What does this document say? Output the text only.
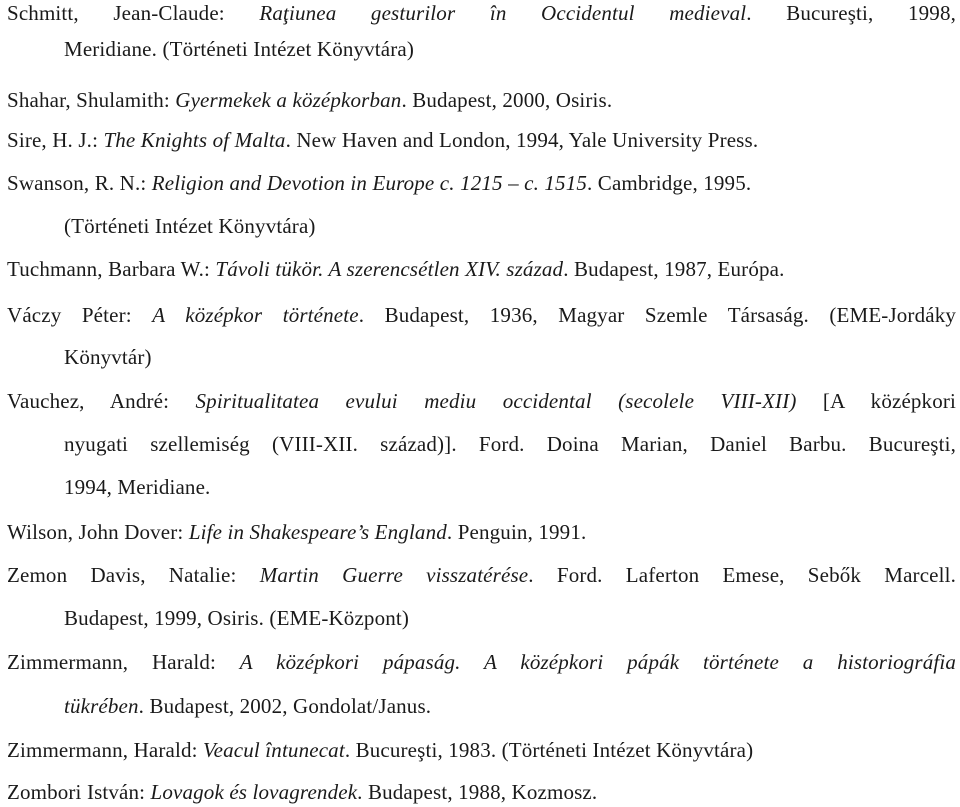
Schmitt, Jean-Claude: Raţiunea gesturilor în Occidentul medieval. Bucureşti, 1998,
Meridiane. (Történeti Intézet Könyvtára)
Shahar, Shulamith: Gyermekek a középkorban. Budapest, 2000, Osiris.
Sire, H. J.: The Knights of Malta. New Haven and London, 1994, Yale University Press.
Swanson, R. N.: Religion and Devotion in Europe c. 1215 – c. 1515. Cambridge, 1995.
(Történeti Intézet Könyvtára)
Tuchmann, Barbara W.: Távoli tükör. A szerencsétlen XIV. század. Budapest, 1987, Európa.
Váczy Péter: A középkor története. Budapest, 1936, Magyar Szemle Társaság. (EME-Jordáky
Könyvtár)
Vauchez, André: Spiritualitatea evului mediu occidental (secolele VIII-XII) [A középkori
nyugati szellemiség (VIII-XII. század)]. Ford. Doina Marian, Daniel Barbu. Bucureşti,
1994, Meridiane.
Wilson, John Dover: Life in Shakespeare’s England. Penguin, 1991.
Zemon Davis, Natalie: Martin Guerre visszatérése. Ford. Laferton Emese, Sebők Marcell.
Budapest, 1999, Osiris. (EME-Központ)
Zimmermann, Harald: A középkori pápaság. A középkori pápák története a historiográfia
tükrében. Budapest, 2002, Gondolat/Janus.
Zimmermann, Harald: Veacul întunecat. Bucureşti, 1983. (Történeti Intézet Könyvtára)
Zombori István: Lovagok és lovagrendek. Budapest, 1988, Kozmosz.
